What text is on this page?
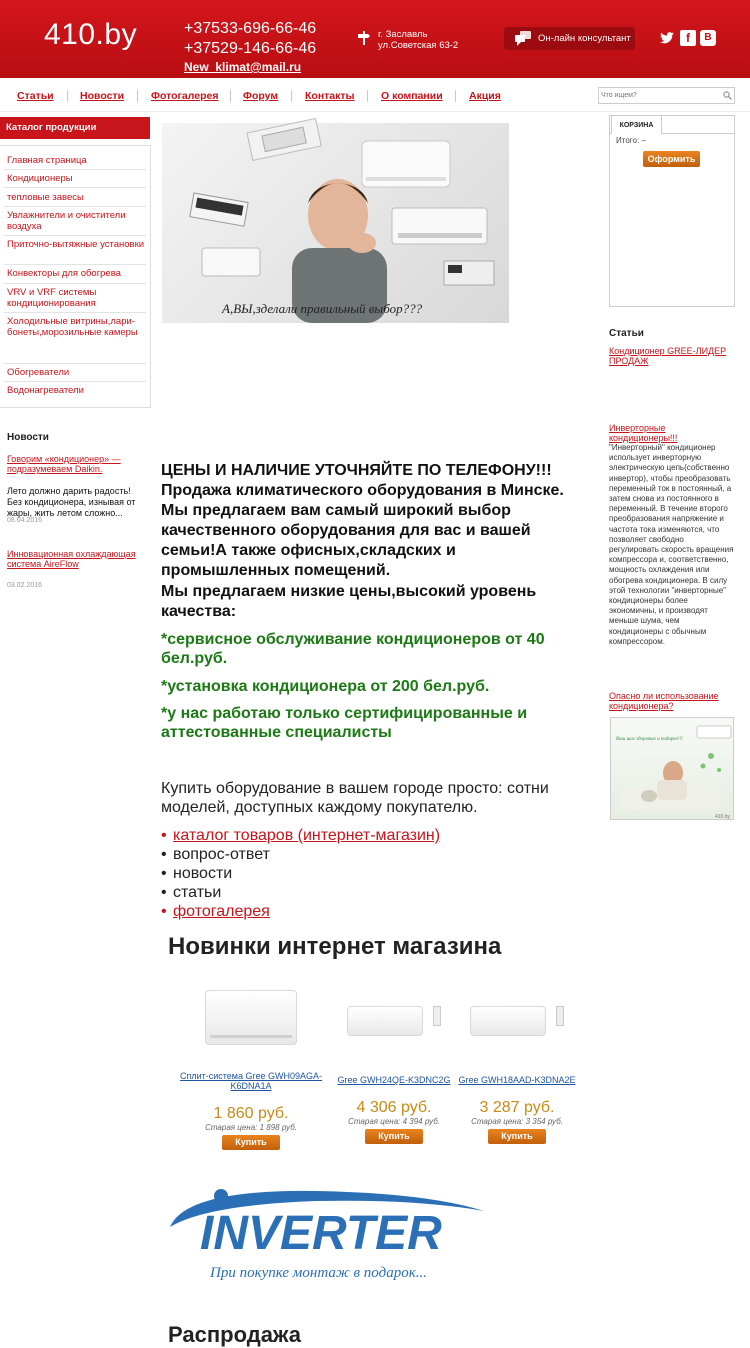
410.by	+37533-696-66-46
+37529-146-66-46
New_klimat@mail.ru
г. Заславль
ул.Советская 63-2
Он-лайн консультант	f	B
Статьи	Новости	Фотогалерея Форум	Контакты	О компании	Акция
Что ищем?
Каталог продукции
Главная страница
Кондиционеры
тепловые завесы
Увлажнители и очистители воздуха
Приточно-вытяжные установки
Конвекторы для обогрева
VRV и VRF системы кондиционирования
Холодильные витрины,лари-бонеты,морозильные камеры
Обогреватели
Водонагреватели
Новости
Говорим «кондиционер» — подразумеваем Daikin.
Лето должно дарить радость! Без кондиционера, изнывая от жары, жить летом сложно...
08.04.2016
Инновационная охлаждающая система AireFlow
03.02.2016
А,ВЫ,зделали правильный выбор???
ЦЕНЫ И НАЛИЧИЕ УТОЧНЯЙТЕ ПО ТЕЛЕФОНУ!!! Продажа климатического оборудования в Минске. Мы предлагаем вам самый широкий выбор качественного оборудования для вас и вашей семьи!А также офисных,складских и промышленных помещений.
Мы предлагаем низкие цены,высокий уровень качества:
*сервисное обслуживание кондиционеров от 40 бел.руб.
*установка кондиционера от 200 бел.руб.
*у нас работаю только сертифицированные и аттестованные специалисты
Купить оборудование в вашем городе просто: сотни моделей, доступных каждому покупателю.
• каталог товаров (интернет-магазин)
• вопрос-ответ
• новости
• статьи
• фотогалерея
Новинки интернет магазина
Сплит-система Gree GWH09AGA-K6DNA1A
1 860 руб.
Старая цена: 1 898 руб.
Купить

Gree GWH24QE-K3DNC2G
4 306 руб.
Старая цена: 4 394 руб.
Купить

Gree GWH18AAD-K3DNA2E
3 287 руб.
Старая цена: 3 354 руб.
Купить
INVERTER
При покупке монтаж в подарок...
Распродажа
КОРЗИНА
Итого: –
Оформить
Статьи
Кондиционер GREE-ЛИДЕР ПРОДАЖ
Инверторные кондиционеры!!!
"Инверторный" кондиционер использует инверторную электрическую цепь(собственно инвертор), чтобы преобразовать переменный ток в постоянный, а затем снова из постоянного в переменный. В течение второго преобразования напряжение и частота тока изменяются, что позволяет свободно регулировать скорость вращения компрессора и, соответственно, мощность охлаждения или обогрева кондиционера. В силу этой технологии "инверторные" кондиционеры более экономичны, и производят меньше шума, чем кондиционеры с обычным компрессором.
Опасно ли использование кондиционера?
Ваш шаг здоровью и подарке!!!
410.by
